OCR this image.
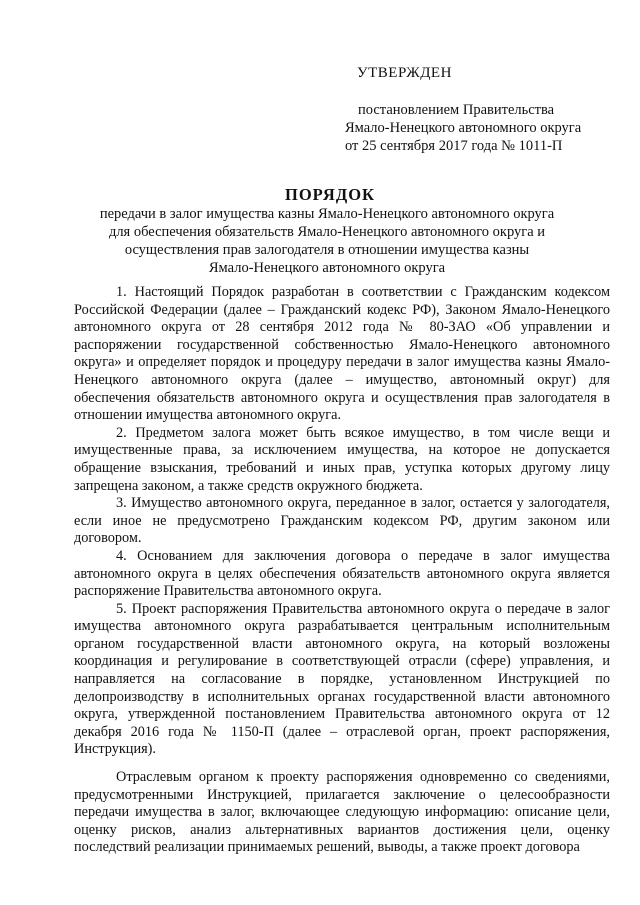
УТВЕРЖДЕН
постановлением Правительства
Ямало-Ненецкого автономного округа
от 25 сентября 2017 года № 1011-П
ПОРЯДОК
передачи в залог имущества казны Ямало-Ненецкого автономного округа
для обеспечения обязательств Ямало-Ненецкого автономного округа и
осуществления прав залогодателя в отношении имущества казны
Ямало-Ненецкого автономного округа

1. Настоящий Порядок разработан в соответствии с Гражданским кодексом Российской Федерации (далее – Гражданский кодекс РФ), Законом Ямало-Ненецкого автономного округа от 28 сентября 2012 года № 80-ЗАО «Об управлении и распоряжении государственной собственностью Ямало-Ненецкого автономного округа» и определяет порядок и процедуру передачи в залог имущества казны Ямало-Ненецкого автономного округа (далее – имущество, автономный округ) для обеспечения обязательств автономного округа и осуществления прав залогодателя в отношении имущества автономного округа.

2. Предметом залога может быть всякое имущество, в том числе вещи и имущественные права, за исключением имущества, на которое не допускается обращение взыскания, требований и иных прав, уступка которых другому лицу запрещена законом, а также средств окружного бюджета.

3. Имущество автономного округа, переданное в залог, остается у залогодателя, если иное не предусмотрено Гражданским кодексом РФ, другим законом или договором.

4. Основанием для заключения договора о передаче в залог имущества автономного округа в целях обеспечения обязательств автономного округа является распоряжение Правительства автономного округа.

5. Проект распоряжения Правительства автономного округа о передаче в залог имущества автономного округа разрабатывается центральным исполнительным органом государственной власти автономного округа, на который возложены координация и регулирование в соответствующей отрасли (сфере) управления, и направляется на согласование в порядке, установленном Инструкцией по делопроизводству в исполнительных органах государственной власти автономного округа, утвержденной постановлением Правительства автономного округа от 12 декабря 2016 года № 1150-П (далее – отраслевой орган, проект распоряжения, Инструкция).

Отраслевым органом к проекту распоряжения одновременно со сведениями, предусмотренными Инструкцией, прилагается заключение о целесообразности передачи имущества в залог, включающее следующую информацию: описание цели, оценку рисков, анализ альтернативных вариантов достижения цели, оценку последствий реализации принимаемых решений, выводы, а также проект договора
